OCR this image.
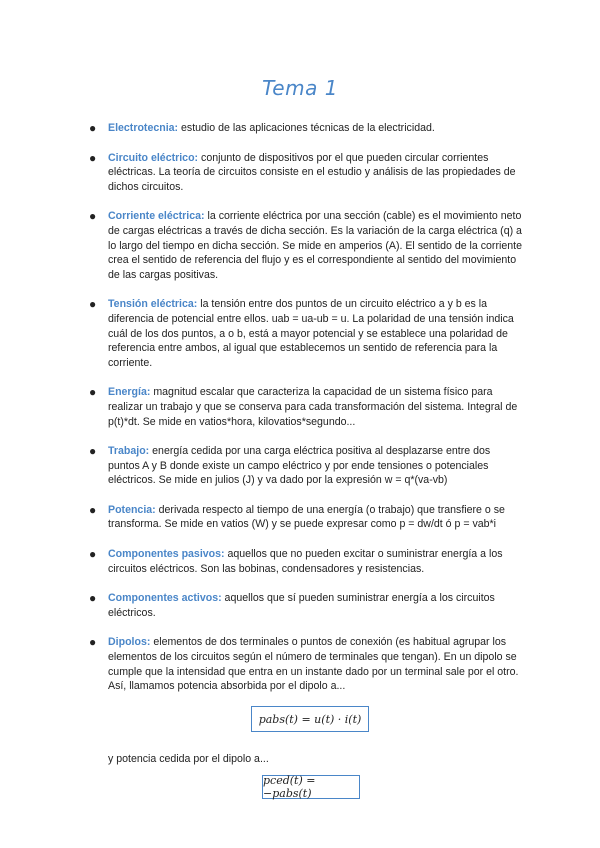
Tema 1
● Electrotecnia: estudio de las aplicaciones técnicas de la electricidad.
● Circuito eléctrico: conjunto de dispositivos por el que pueden circular corrientes eléctricas. La teoría de circuitos consiste en el estudio y análisis de las propiedades de dichos circuitos.
● Corriente eléctrica: la corriente eléctrica por una sección (cable) es el movimiento neto de cargas eléctricas a través de dicha sección. Es la variación de la carga eléctrica (q) a lo largo del tiempo en dicha sección. Se mide en amperios (A). El sentido de la corriente crea el sentido de referencia del flujo y es el correspondiente al sentido del movimiento de las cargas positivas.
● Tensión eléctrica: la tensión entre dos puntos de un circuito eléctrico a y b es la diferencia de potencial entre ellos. uab = ua-ub = u. La polaridad de una tensión indica cuál de los dos puntos, a o b, está a mayor potencial y se establece una polaridad de referencia entre ambos, al igual que establecemos un sentido de referencia para la corriente.
● Energía: magnitud escalar que caracteriza la capacidad de un sistema físico para realizar un trabajo y que se conserva para cada transformación del sistema. Integral de p(t)*dt. Se mide en vatios*hora, kilovatios*segundo...
● Trabajo: energía cedida por una carga eléctrica positiva al desplazarse entre dos puntos A y B donde existe un campo eléctrico y por ende tensiones o potenciales eléctricos. Se mide en julios (J) y va dado por la expresión w = q*(va-vb)
● Potencia: derivada respecto al tiempo de una energía (o trabajo) que transfiere o se transforma. Se mide en vatios (W) y se puede expresar como p = dw/dt ó p = vab*i
● Componentes pasivos: aquellos que no pueden excitar o suministrar energía a los circuitos eléctricos. Son las bobinas, condensadores y resistencias.
● Componentes activos: aquellos que sí pueden suministrar energía a los circuitos eléctricos.
● Dipolos: elementos de dos terminales o puntos de conexión (es habitual agrupar los elementos de los circuitos según el número de terminales que tengan). En un dipolo se cumple que la intensidad que entra en un instante dado por un terminal sale por el otro. Así, llamamos potencia absorbida por el dipolo a...
pabs(t) = u(t) · i(t)
y potencia cedida por el dipolo a...
pced(t) = −pabs(t)
